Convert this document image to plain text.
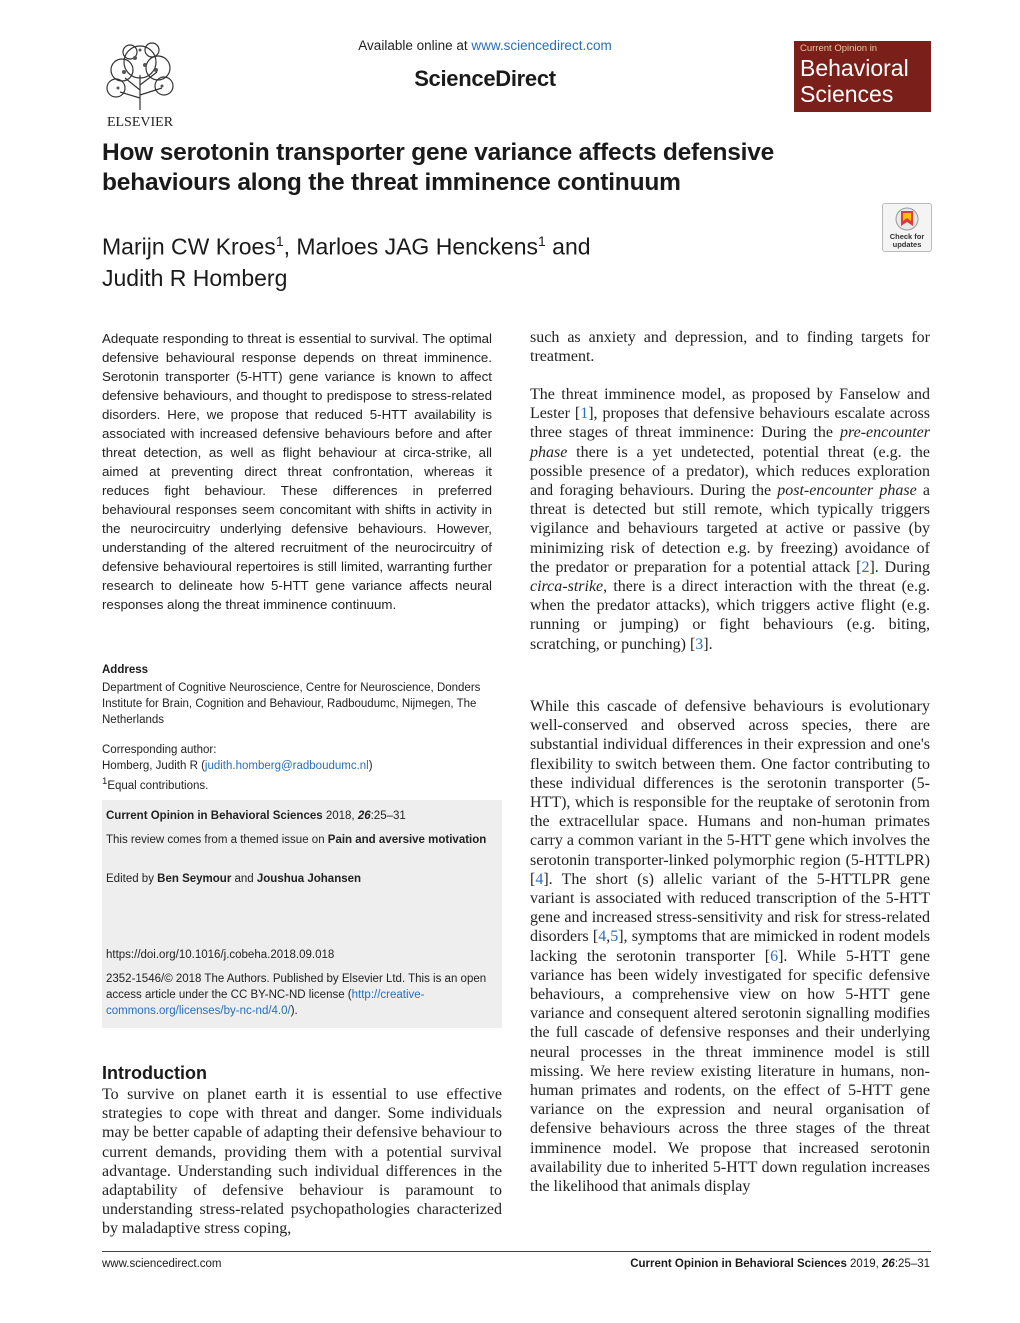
ELSEVIER
Available online at www.sciencedirect.com
ScienceDirect
Current Opinion in
Behavioral
Sciences
How serotonin transporter gene variance affects defensive behaviours along the threat imminence continuum
Marijn CW Kroes$^1$, Marloes JAG Henckens$^1$ and
Judith R Homberg
Check for updates
Adequate responding to threat is essential to survival. The optimal defensive behavioural response depends on threat imminence. Serotonin transporter (5-HTT) gene variance is known to affect defensive behaviours, and thought to predispose to stress-related disorders. Here, we propose that reduced 5-HTT availability is associated with increased defensive behaviours before and after threat detection, as well as flight behaviour at circa-strike, all aimed at preventing direct threat confrontation, whereas it reduces fight behaviour. These differences in preferred behavioural responses seem concomitant with shifts in activity in the neurocircuitry underlying defensive behaviours. However, understanding of the altered recruitment of the neurocircuitry of defensive behavioural repertoires is still limited, warranting further research to delineate how 5-HTT gene variance affects neural responses along the threat imminence continuum.
Address
Department of Cognitive Neuroscience, Centre for Neuroscience, Donders Institute for Brain, Cognition and Behaviour, Radboudumc, Nijmegen, The Netherlands
Corresponding author:
Homberg, Judith R (judith.homberg@radboudumc.nl)
$^1$Equal contributions.

Current Opinion in Behavioral Sciences 2018, 26:25–31

This review comes from a themed issue on Pain and aversive motivation

Edited by Ben Seymour and Joushua Johansen

https://doi.org/10.1016/j.cobeha.2018.09.018

2352-1546/© 2018 The Authors. Published by Elsevier Ltd. This is an open access article under the CC BY-NC-ND license (http://creative-commons.org/licenses/by-nc-nd/4.0/).

Introduction
To survive on planet earth it is essential to use effective strategies to cope with threat and danger. Some individuals may be better capable of adapting their defensive behaviour to current demands, providing them with a potential survival advantage. Understanding such individual differences in the adaptability of defensive behaviour is paramount to understanding stress-related psychopathologies characterized by maladaptive stress coping,
such as anxiety and depression, and to finding targets for treatment.
The threat imminence model, as proposed by Fanselow and Lester [1], proposes that defensive behaviours escalate across three stages of threat imminence: During the pre-encounter phase there is a yet undetected, potential threat (e.g. the possible presence of a predator), which reduces exploration and foraging behaviours. During the post-encounter phase a threat is detected but still remote, which typically triggers vigilance and behaviours targeted at active or passive (by minimizing risk of detection e.g. by freezing) avoidance of the predator or preparation for a potential attack [2]. During circa-strike, there is a direct interaction with the threat (e.g. when the predator attacks), which triggers active flight (e.g. running or jumping) or fight behaviours (e.g. biting, scratching, or punching) [3].
While this cascade of defensive behaviours is evolutionary well-conserved and observed across species, there are substantial individual differences in their expression and one's flexibility to switch between them. One factor contributing to these individual differences is the serotonin transporter (5-HTT), which is responsible for the reuptake of serotonin from the extracellular space. Humans and non-human primates carry a common variant in the 5-HTT gene which involves the serotonin transporter-linked polymorphic region (5-HTTLPR) [4]. The short (s) allelic variant of the 5-HTTLPR gene variant is associated with reduced transcription of the 5-HTT gene and increased stress-sensitivity and risk for stress-related disorders [4,5], symptoms that are mimicked in rodent models lacking the serotonin transporter [6]. While 5-HTT gene variance has been widely investigated for specific defensive behaviours, a comprehensive view on how 5-HTT gene variance and consequent altered serotonin signalling modifies the full cascade of defensive responses and their underlying neural processes in the threat imminence model is still missing. We here review existing literature in humans, non-human primates and rodents, on the effect of 5-HTT gene variance on the expression and neural organisation of defensive behaviours across the three stages of the threat imminence model. We propose that increased serotonin availability due to inherited 5-HTT down regulation increases the likelihood that animals display
www.sciencedirect.com	Current Opinion in Behavioral Sciences 2019, 26:25–31
